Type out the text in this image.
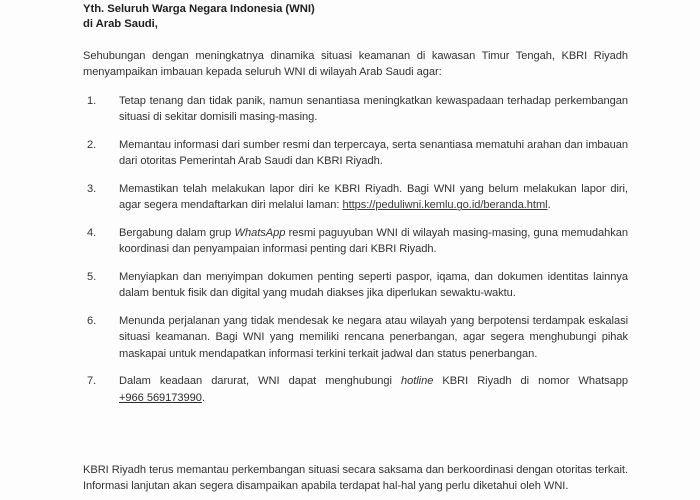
Yth. Seluruh Warga Negara Indonesia (WNI)
di Arab Saudi,
Sehubungan dengan meningkatnya dinamika situasi keamanan di kawasan Timur Tengah, KBRI Riyadh menyampaikan imbauan kepada seluruh WNI di wilayah Arab Saudi agar:
1.	Tetap tenang dan tidak panik, namun senantiasa meningkatkan kewaspadaan terhadap perkembangan situasi di sekitar domisili masing-masing.
2.	Memantau informasi dari sumber resmi dan terpercaya, serta senantiasa mematuhi arahan dan imbauan dari otoritas Pemerintah Arab Saudi dan KBRI Riyadh.
3.	Memastikan telah melakukan lapor diri ke KBRI Riyadh. Bagi WNI yang belum melakukan lapor diri, agar segera mendaftarkan diri melalui laman: https://peduliwni.kemlu.go.id/beranda.html.
4.	Bergabung dalam grup WhatsApp resmi paguyuban WNI di wilayah masing-masing, guna memudahkan koordinasi dan penyampaian informasi penting dari KBRI Riyadh.
5.	Menyiapkan dan menyimpan dokumen penting seperti paspor, iqama, dan dokumen identitas lainnya dalam bentuk fisik dan digital yang mudah diakses jika diperlukan sewaktu-waktu.
6.	Menunda perjalanan yang tidak mendesak ke negara atau wilayah yang berpotensi terdampak eskalasi situasi keamanan. Bagi WNI yang memiliki rencana penerbangan, agar segera menghubungi pihak maskapai untuk mendapatkan informasi terkini terkait jadwal dan status penerbangan.
7.	Dalam keadaan darurat, WNI dapat menghubungi hotline KBRI Riyadh di nomor Whatsapp +966 569173990.
KBRI Riyadh terus memantau perkembangan situasi secara saksama dan berkoordinasi dengan otoritas terkait. Informasi lanjutan akan segera disampaikan apabila terdapat hal-hal yang perlu diketahui oleh WNI.
